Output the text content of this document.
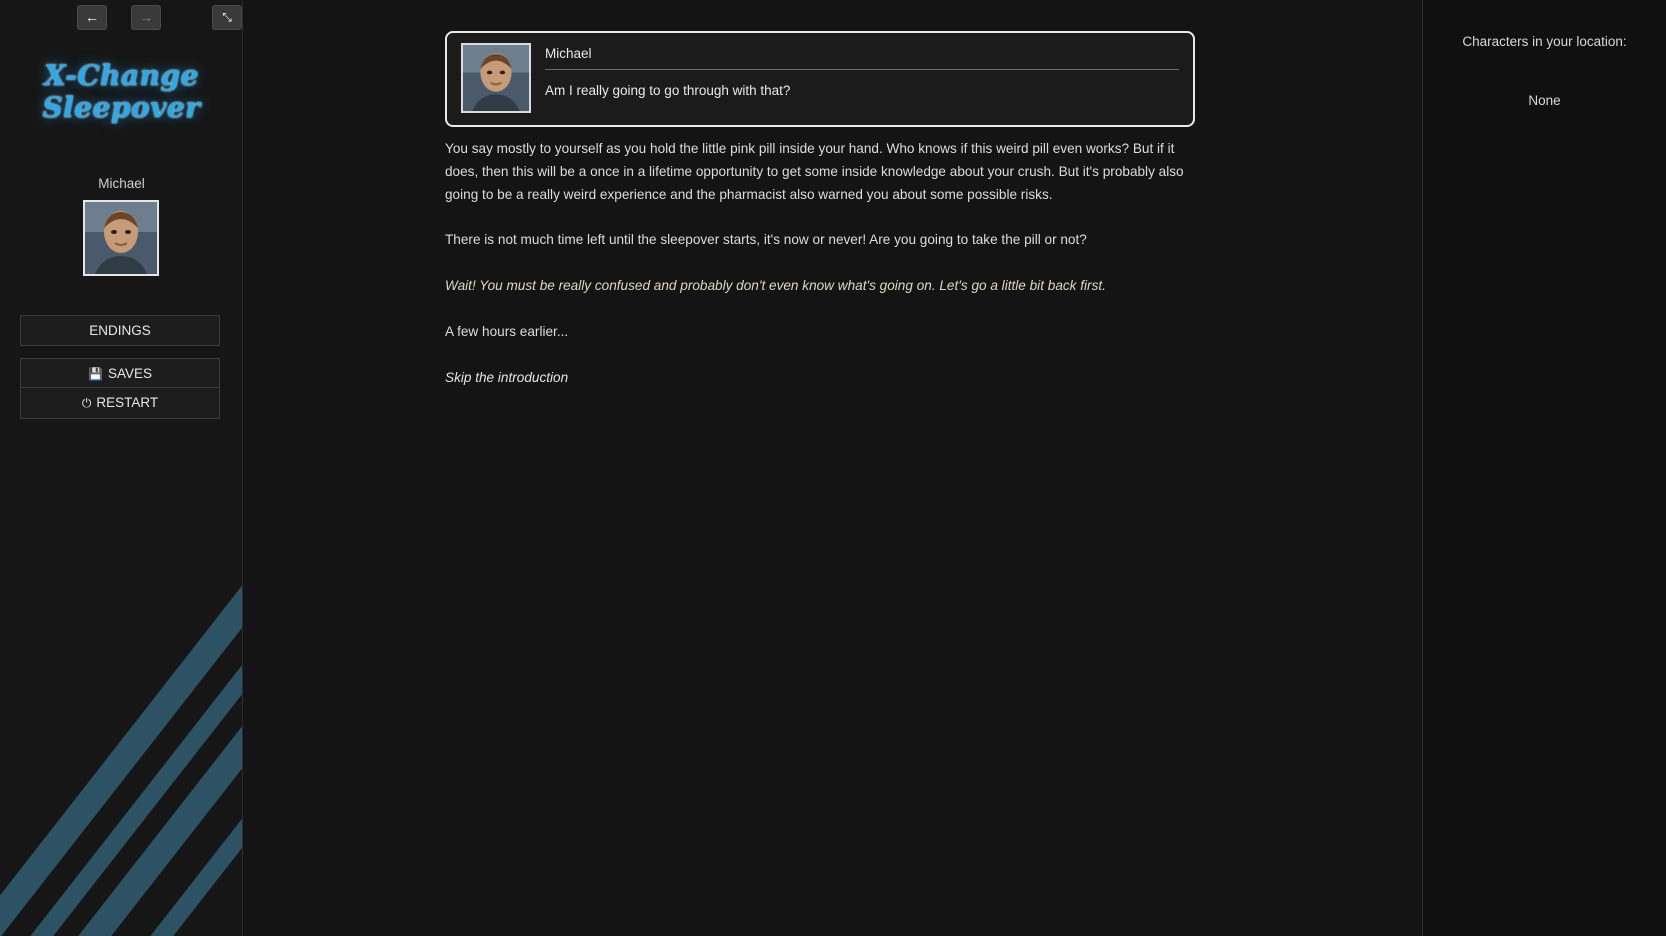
←	→	⤡
X-Change
Sleepover
Michael
ENDINGS
💾 SAVES
⏻ RESTART
Michael
Am I really going to go through with that?

You say mostly to yourself as you hold the little pink pill inside your hand. Who knows if this weird pill even works? But if it does, then this will be a once in a lifetime opportunity to get some inside knowledge about your crush. But it's probably also going to be a really weird experience and the pharmacist also warned you about some possible risks.

There is not much time left until the sleepover starts, it's now or never! Are you going to take the pill or not?

Wait! You must be really confused and probably don't even know what's going on. Let's go a little bit back first.

A few hours earlier...

Skip the introduction
Characters in your location:
None
